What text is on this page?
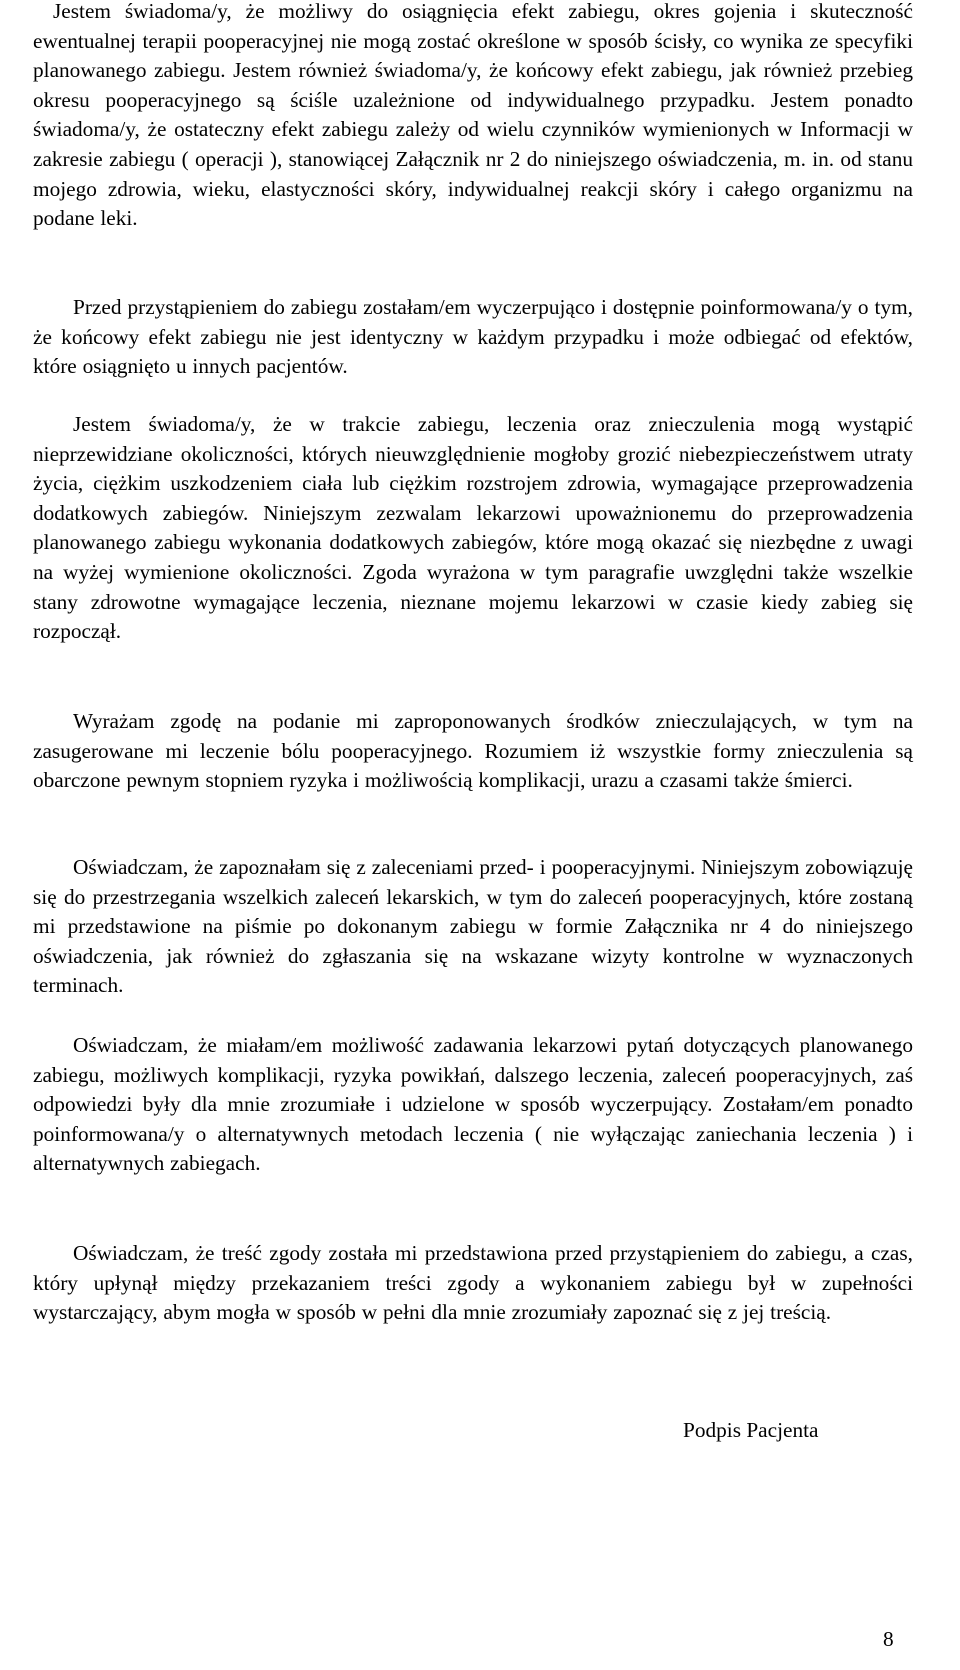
Jestem świadoma/y, że możliwy do osiągnięcia efekt zabiegu, okres gojenia i skuteczność ewentualnej terapii pooperacyjnej nie mogą zostać określone w sposób ścisły, co wynika ze specyfiki planowanego zabiegu. Jestem również świadoma/y, że końcowy efekt zabiegu, jak również przebieg okresu pooperacyjnego są ściśle uzależnione od indywidualnego przypadku. Jestem ponadto świadoma/y, że ostateczny efekt zabiegu zależy od wielu czynników wymienionych w Informacji w zakresie zabiegu ( operacji ), stanowiącej Załącznik nr 2 do niniejszego oświadczenia, m. in. od stanu mojego zdrowia, wieku, elastyczności skóry, indywidualnej reakcji skóry i całego organizmu na podane leki.

Przed przystąpieniem do zabiegu zostałam/em wyczerpująco i dostępnie poinformowana/y o tym, że końcowy efekt zabiegu nie jest identyczny w każdym przypadku i może odbiegać od efektów, które osiągnięto u innych pacjentów.

Jestem świadoma/y, że w trakcie zabiegu, leczenia oraz znieczulenia mogą wystąpić nieprzewidziane okoliczności, których nieuwzględnienie mogłoby grozić niebezpieczeństwem utraty życia, ciężkim uszkodzeniem ciała lub ciężkim rozstrojem zdrowia, wymagające przeprowadzenia dodatkowych zabiegów. Niniejszym zezwalam lekarzowi upoważnionemu do przeprowadzenia planowanego zabiegu wykonania dodatkowych zabiegów, które mogą okazać się niezbędne z uwagi na wyżej wymienione okoliczności. Zgoda wyrażona w tym paragrafie uwzględni także wszelkie stany zdrowotne wymagające leczenia, nieznane mojemu lekarzowi w czasie kiedy zabieg się rozpoczął.

Wyrażam zgodę na podanie mi zaproponowanych środków znieczulających, w tym na zasugerowane mi leczenie bólu pooperacyjnego. Rozumiem iż wszystkie formy znieczulenia są obarczone pewnym stopniem ryzyka i możliwością komplikacji, urazu a czasami także śmierci.

Oświadczam, że zapoznałam się z zaleceniami przed- i pooperacyjnymi. Niniejszym zobowiązuję się do przestrzegania wszelkich zaleceń lekarskich, w tym do zaleceń pooperacyjnych, które zostaną mi przedstawione na piśmie po dokonanym zabiegu w formie Załącznika nr 4 do niniejszego oświadczenia, jak również do zgłaszania się na wskazane wizyty kontrolne w wyznaczonych terminach.

Oświadczam, że miałam/em możliwość zadawania lekarzowi pytań dotyczących planowanego zabiegu, możliwych komplikacji, ryzyka powikłań, dalszego leczenia, zaleceń pooperacyjnych, zaś odpowiedzi były dla mnie zrozumiałe i udzielone w sposób wyczerpujący. Zostałam/em ponadto poinformowana/y o alternatywnych metodach leczenia ( nie wyłączając zaniechania leczenia ) i alternatywnych zabiegach.

Oświadczam, że treść zgody została mi przedstawiona przed przystąpieniem do zabiegu, a czas, który upłynął między przekazaniem treści zgody a wykonaniem zabiegu był w zupełności wystarczający, abym mogła w sposób w pełni dla mnie zrozumiały zapoznać się z jej treścią.

Podpis Pacjenta
8
